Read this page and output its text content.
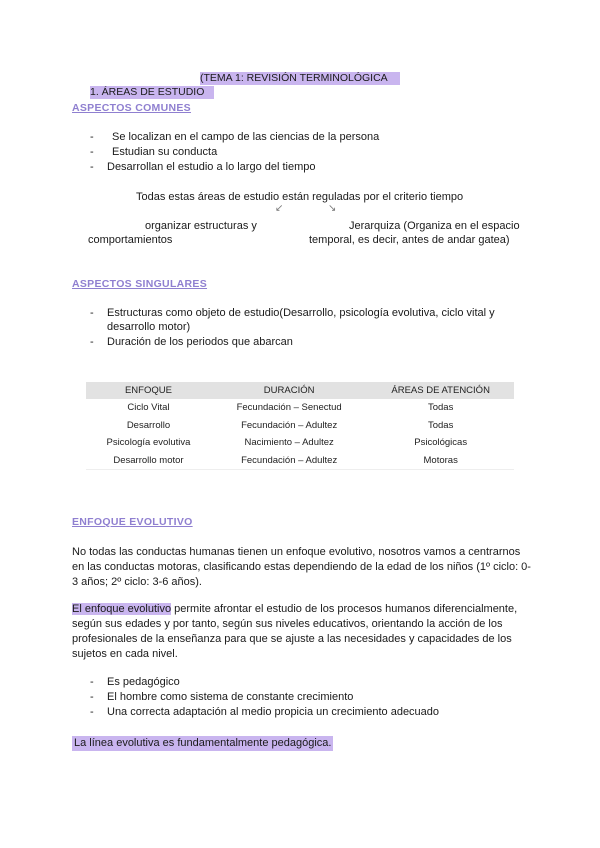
(TEMA 1: REVISIÓN TERMINOLÓGICA
1. ÁREAS DE ESTUDIO
ASPECTOS COMUNES
- Se localizan en el campo de las ciencias de la persona
- Estudian su conducta
- Desarrollan el estudio a lo largo del tiempo
Todas estas áreas de estudio están reguladas por el criterio tiempo
↙	↘
organizar estructuras y
comportamientos
Jerarquiza (Organiza en el espacio
temporal, es decir, antes de andar gatea)
ASPECTOS SINGULARES
- Estructuras como objeto de estudio(Desarrollo, psicología evolutiva, ciclo vital y
desarrollo motor)
- Duración de los periodos que abarcan
ENFOQUE	DURACIÓN	ÁREAS DE ATENCIÓN
Ciclo Vital	Fecundación – Senectud	Todas
Desarrollo	Fecundación – Adultez	Todas
Psicología evolutiva	Nacimiento – Adultez	Psicológicas
Desarrollo motor	Fecundación – Adultez	Motoras
ENFOQUE EVOLUTIVO
No todas las conductas humanas tienen un enfoque evolutivo, nosotros vamos a centrarnos en las conductas motoras, clasificando estas dependiendo de la edad de los niños (1º ciclo: 0-3 años; 2º ciclo: 3-6 años).
El enfoque evolutivo permite afrontar el estudio de los procesos humanos diferencialmente, según sus edades y por tanto, según sus niveles educativos, orientando la acción de los profesionales de la enseñanza para que se ajuste a las necesidades y capacidades de los sujetos en cada nivel.
- Es pedagógico
- El hombre como sistema de constante crecimiento
- Una correcta adaptación al medio propicia un crecimiento adecuado
La línea evolutiva es fundamentalmente pedagógica.
